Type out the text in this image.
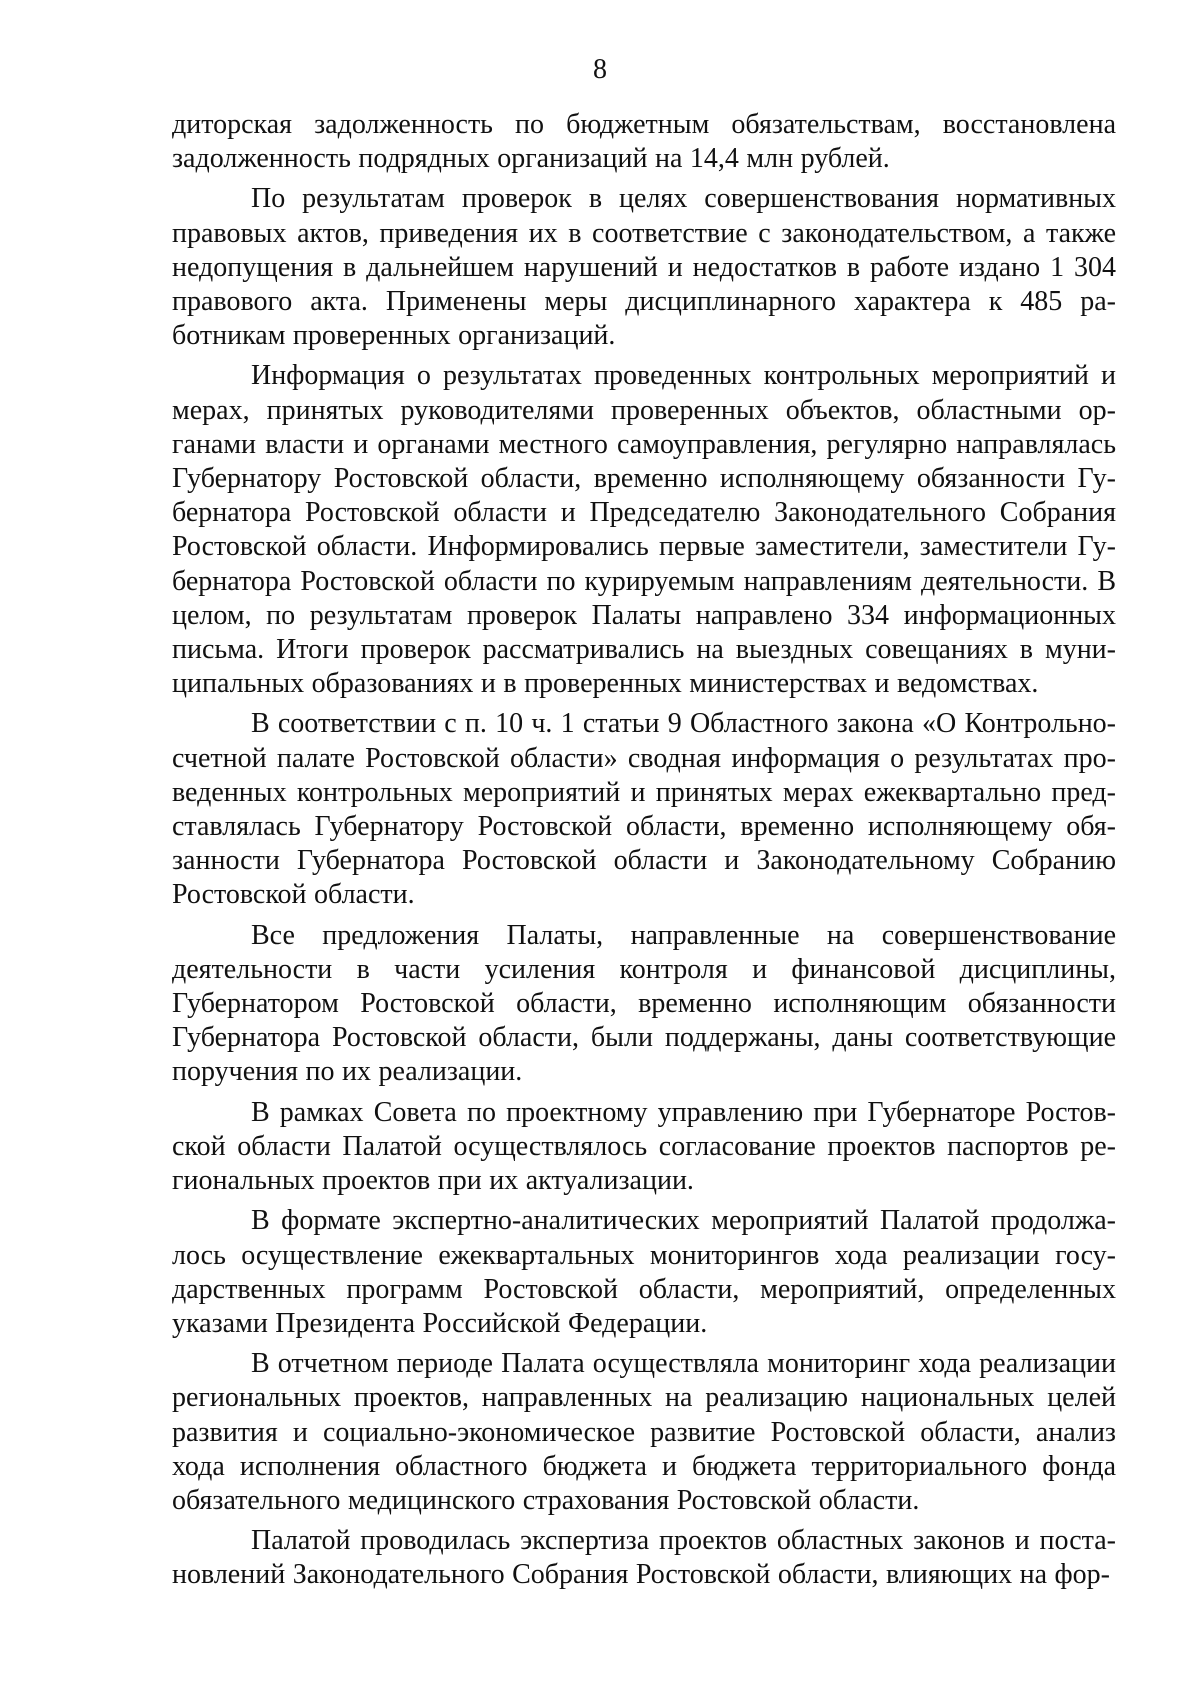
8

диторская задолженность по бюджетным обязательствам, восстановлена задолженность подрядных организаций на 14,4 млн рублей.

По результатам проверок в целях совершенствования нормативных правовых актов, приведения их в соответствие с законодательством, а также недопущения в дальнейшем нарушений и недостатков в работе издано 1 304 правового акта. Применены меры дисциплинарного характера к 485 работникам проверенных организаций.

Информация о результатах проведенных контрольных мероприятий и мерах, принятых руководителями проверенных объектов, областными органами власти и органами местного самоуправления, регулярно направлялась Губернатору Ростовской области, временно исполняющему обязанности Губернатора Ростовской области и Председателю Законодательного Собрания Ростовской области. Информировались первые заместители, заместители Губернатора Ростовской области по курируемым направлениям деятельности. В целом, по результатам проверок Палаты направлено 334 информационных письма. Итоги проверок рассматривались на выездных совещаниях в муниципальных образованиях и в проверенных министерствах и ведомствах.

В соответствии с п. 10 ч. 1 статьи 9 Областного закона «О Контрольно-счетной палате Ростовской области» сводная информация о результатах проведенных контрольных мероприятий и принятых мерах ежеквартально представлялась Губернатору Ростовской области, временно исполняющему обязанности Губернатора Ростовской области и Законодательному Собранию Ростовской области.

Все предложения Палаты, направленные на совершенствование деятельности в части усиления контроля и финансовой дисциплины, Губернатором Ростовской области, временно исполняющим обязанности Губернатора Ростовской области, были поддержаны, даны соответствующие поручения по их реализации.

В рамках Совета по проектному управлению при Губернаторе Ростовской области Палатой осуществлялось согласование проектов паспортов региональных проектов при их актуализации.

В формате экспертно-аналитических мероприятий Палатой продолжалось осуществление ежеквартальных мониторингов хода реализации государственных программ Ростовской области, мероприятий, определенных указами Президента Российской Федерации.

В отчетном периоде Палата осуществляла мониторинг хода реализации региональных проектов, направленных на реализацию национальных целей развития и социально-экономическое развитие Ростовской области, анализ хода исполнения областного бюджета и бюджета территориального фонда обязательного медицинского страхования Ростовской области.

Палатой проводилась экспертиза проектов областных законов и постановлений Законодательного Собрания Ростовской области, влияющих на фор-
